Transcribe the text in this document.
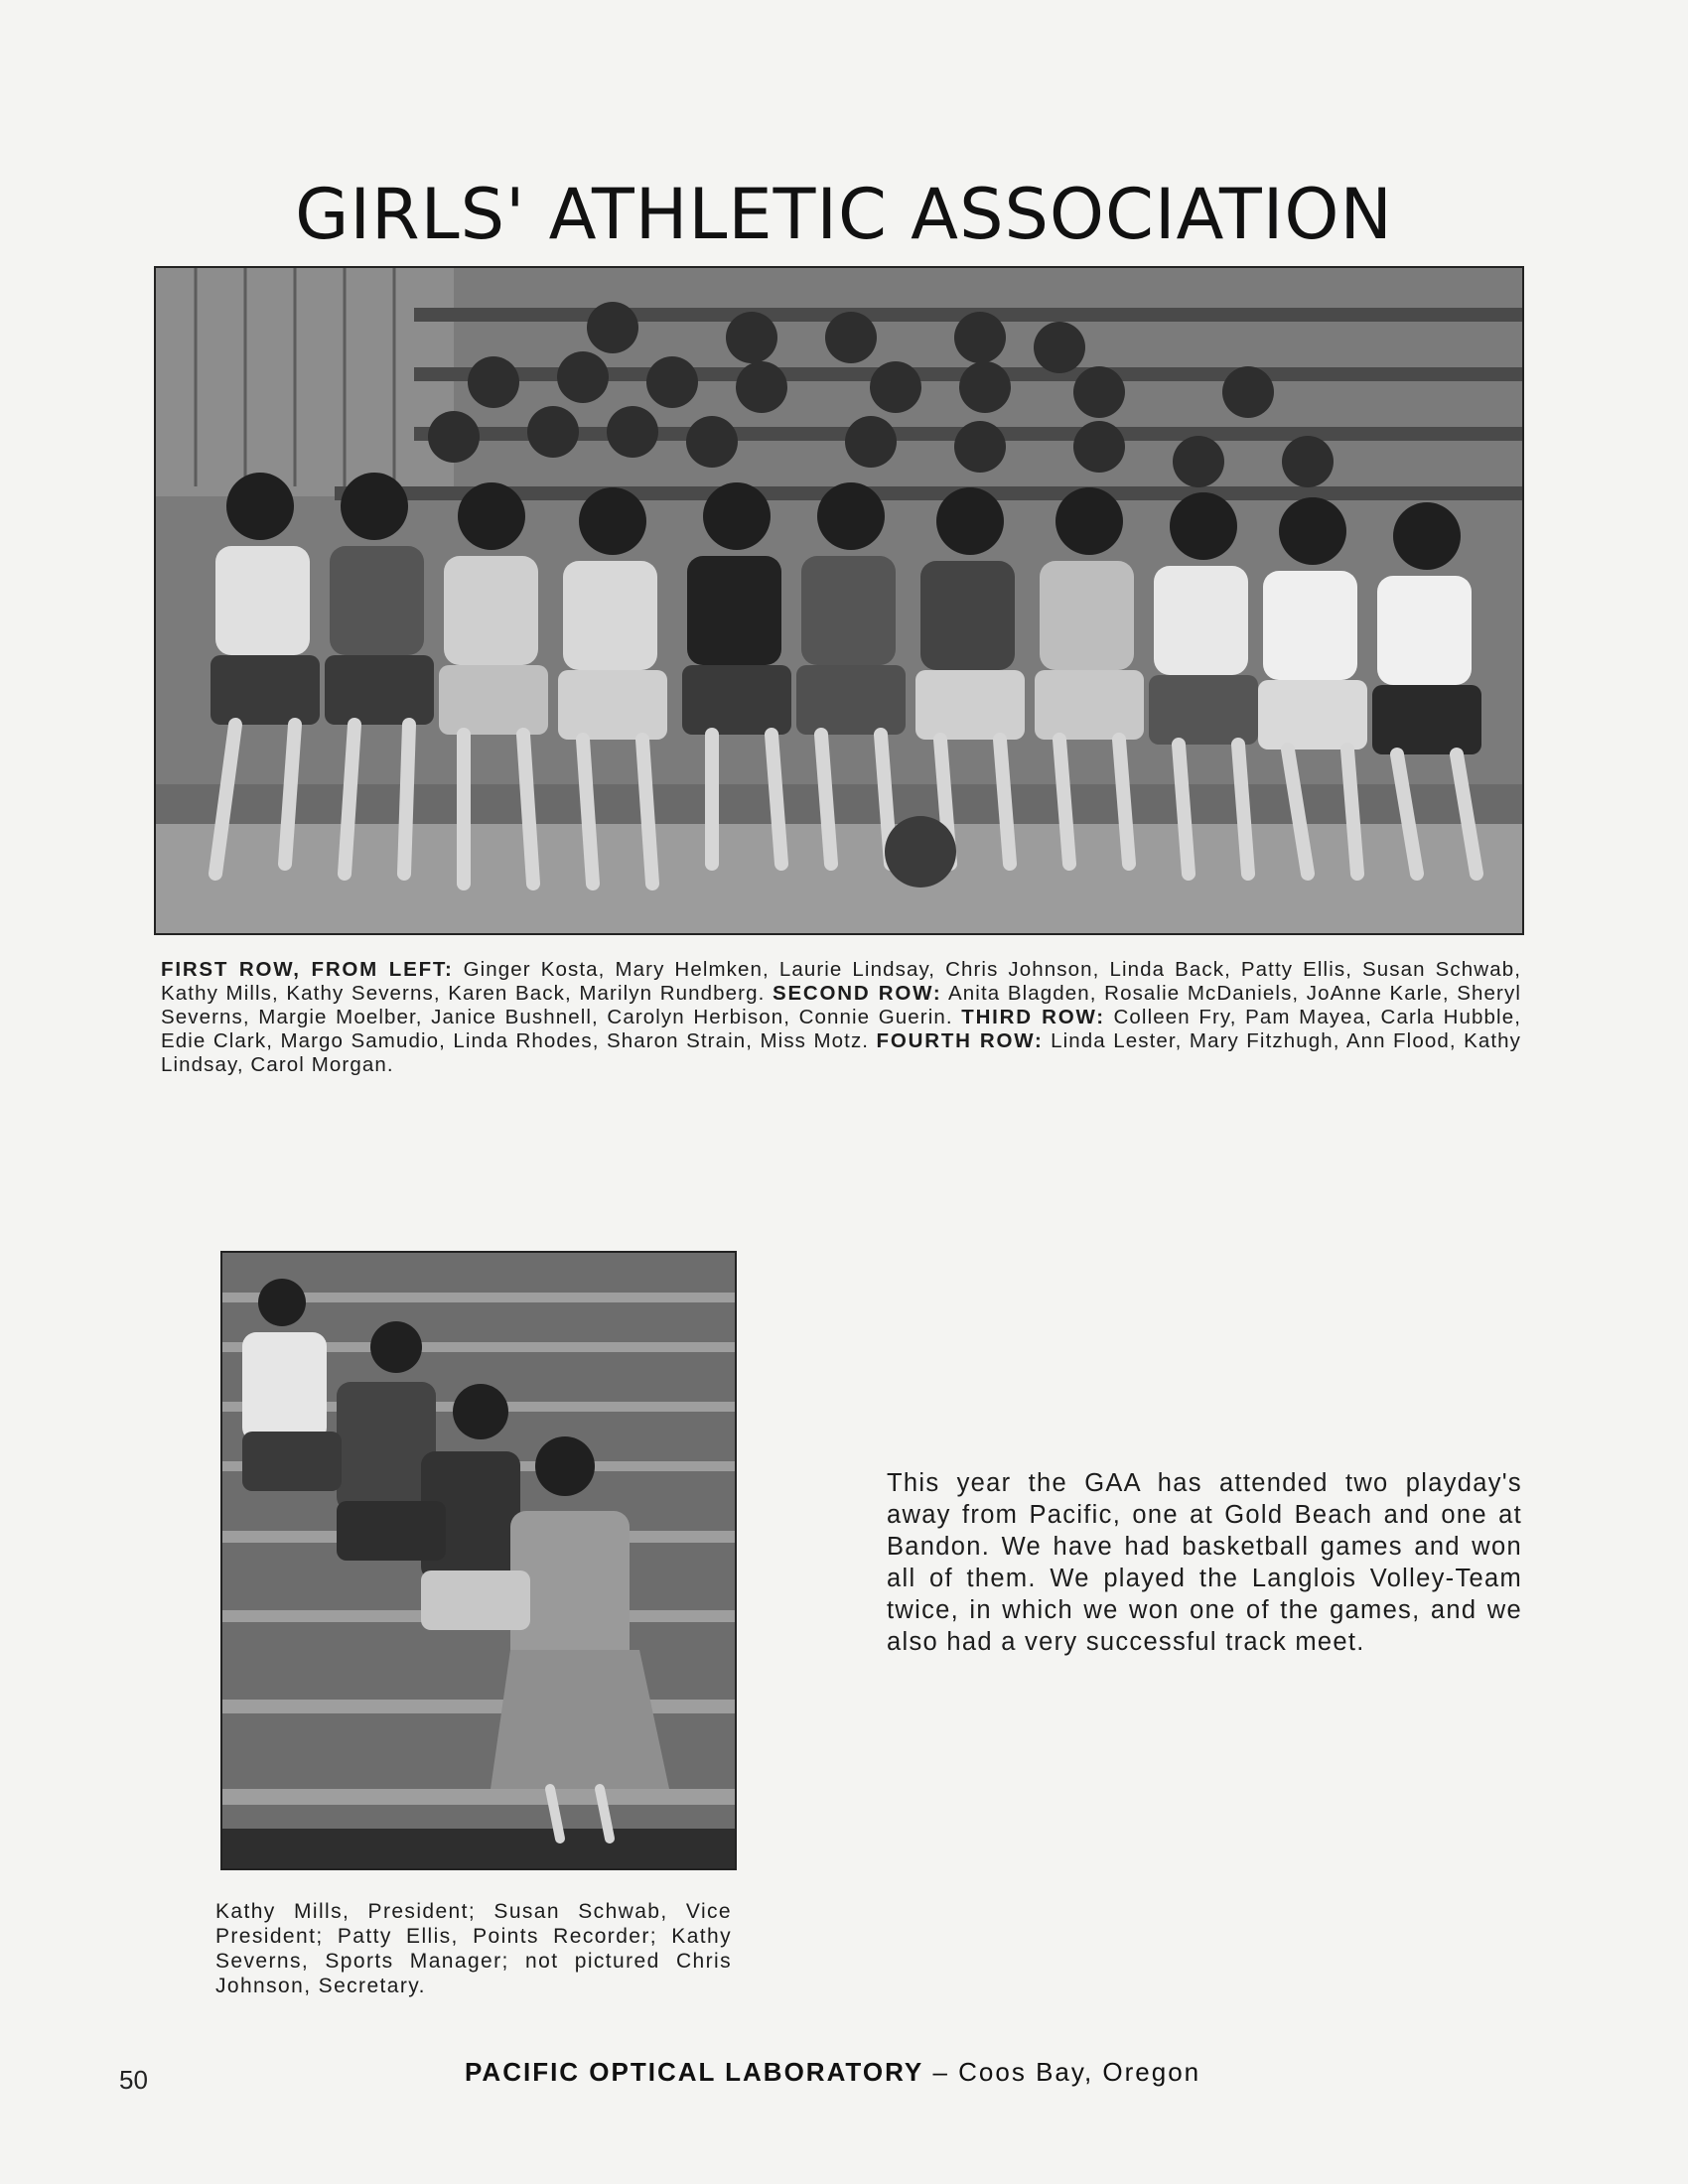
GIRLS' ATHLETIC ASSOCIATION

FIRST ROW, FROM LEFT: Ginger Kosta, Mary Helmken, Laurie Lindsay, Chris Johnson, Linda Back, Patty Ellis, Susan Schwab, Kathy Mills, Kathy Severns, Karen Back, Marilyn Rundberg. SECOND ROW: Anita Blagden, Rosalie McDaniels, JoAnne Karle, Sheryl Severns, Margie Moelber, Janice Bushnell, Carolyn Herbison, Connie Guerin. THIRD ROW: Colleen Fry, Pam Mayea, Carla Hubble, Edie Clark, Margo Samudio, Linda Rhodes, Sharon Strain, Miss Motz. FOURTH ROW: Linda Lester, Mary Fitzhugh, Ann Flood, Kathy Lindsay, Carol Morgan.

Kathy Mills, President; Susan Schwab, Vice President; Patty Ellis, Points Recorder; Kathy Severns, Sports Manager; not pictured Chris Johnson, Secretary.

This year the GAA has attended two playday's away from Pacific, one at Gold Beach and one at Bandon. We have had basketball games and won all of them. We played the Langlois Volley-Team twice, in which we won one of the games, and we also had a very successful track meet.

50	PACIFIC OPTICAL LABORATORY – Coos Bay, Oregon
